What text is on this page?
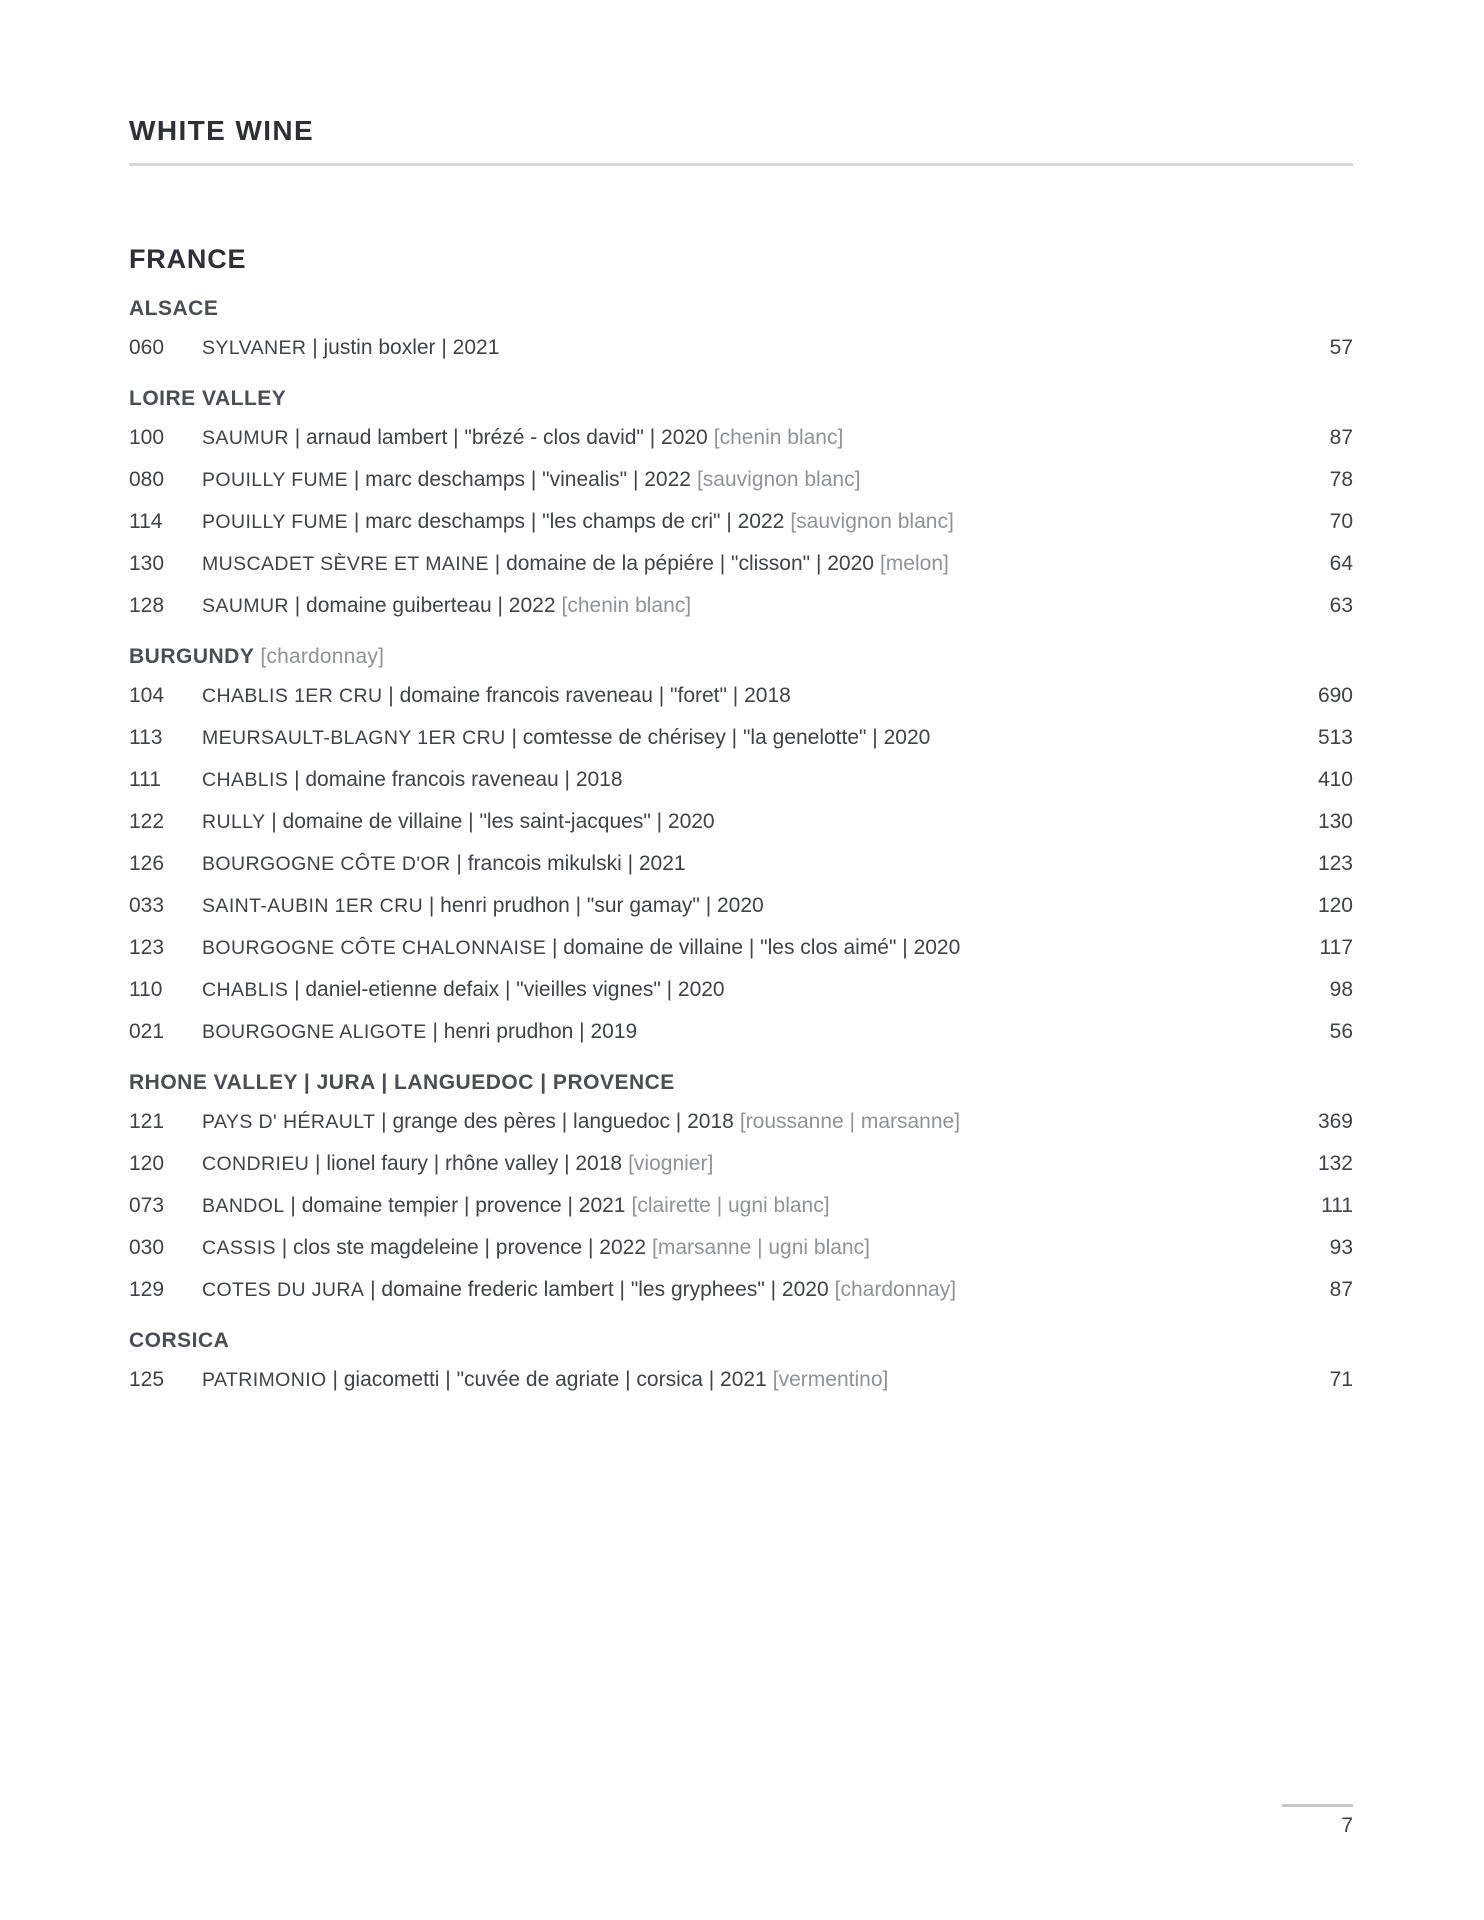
WHITE WINE
FRANCE
ALSACE
060	SYLVANER | justin boxler | 2021	57
LOIRE VALLEY
100	SAUMUR | arnaud lambert | "brézé - clos david" | 2020 [chenin blanc]	87
080	POUILLY FUME | marc deschamps | "vinealis" | 2022 [sauvignon blanc]	78
114	POUILLY FUME | marc deschamps | "les champs de cri" | 2022 [sauvignon blanc]	70
130	MUSCADET SÈVRE ET MAINE | domaine de la pépiére | "clisson" | 2020 [melon]	64
128	SAUMUR | domaine guiberteau | 2022 [chenin blanc]	63
BURGUNDY [chardonnay]
104	CHABLIS 1ER CRU | domaine francois raveneau | "foret" | 2018	690
113	MEURSAULT-BLAGNY 1ER CRU | comtesse de chérisey | "la genelotte" | 2020	513
111	CHABLIS | domaine francois raveneau | 2018	410
122	RULLY | domaine de villaine | "les saint-jacques" | 2020	130
126	BOURGOGNE CÔTE D'OR | francois mikulski | 2021	123
033	SAINT-AUBIN 1ER CRU | henri prudhon | "sur gamay" | 2020	120
123	BOURGOGNE CÔTE CHALONNAISE | domaine de villaine | "les clos aimé" | 2020	117
110	CHABLIS | daniel-etienne defaix | "vieilles vignes" | 2020	98
021	BOURGOGNE ALIGOTE | henri prudhon | 2019	56
RHONE VALLEY | JURA | LANGUEDOC | PROVENCE
121	PAYS D' HÉRAULT | grange des pères | languedoc | 2018 [roussanne | marsanne]	369
120	CONDRIEU | lionel faury | rhône valley | 2018 [viognier]	132
073	BANDOL | domaine tempier | provence | 2021 [clairette | ugni blanc]	111
030	CASSIS | clos ste magdeleine | provence | 2022 [marsanne | ugni blanc]	93
129	COTES DU JURA | domaine frederic lambert | "les gryphees" | 2020 [chardonnay]	87
CORSICA
125	PATRIMONIO | giacometti | "cuvée de agriate | corsica | 2021 [vermentino]	71
7
